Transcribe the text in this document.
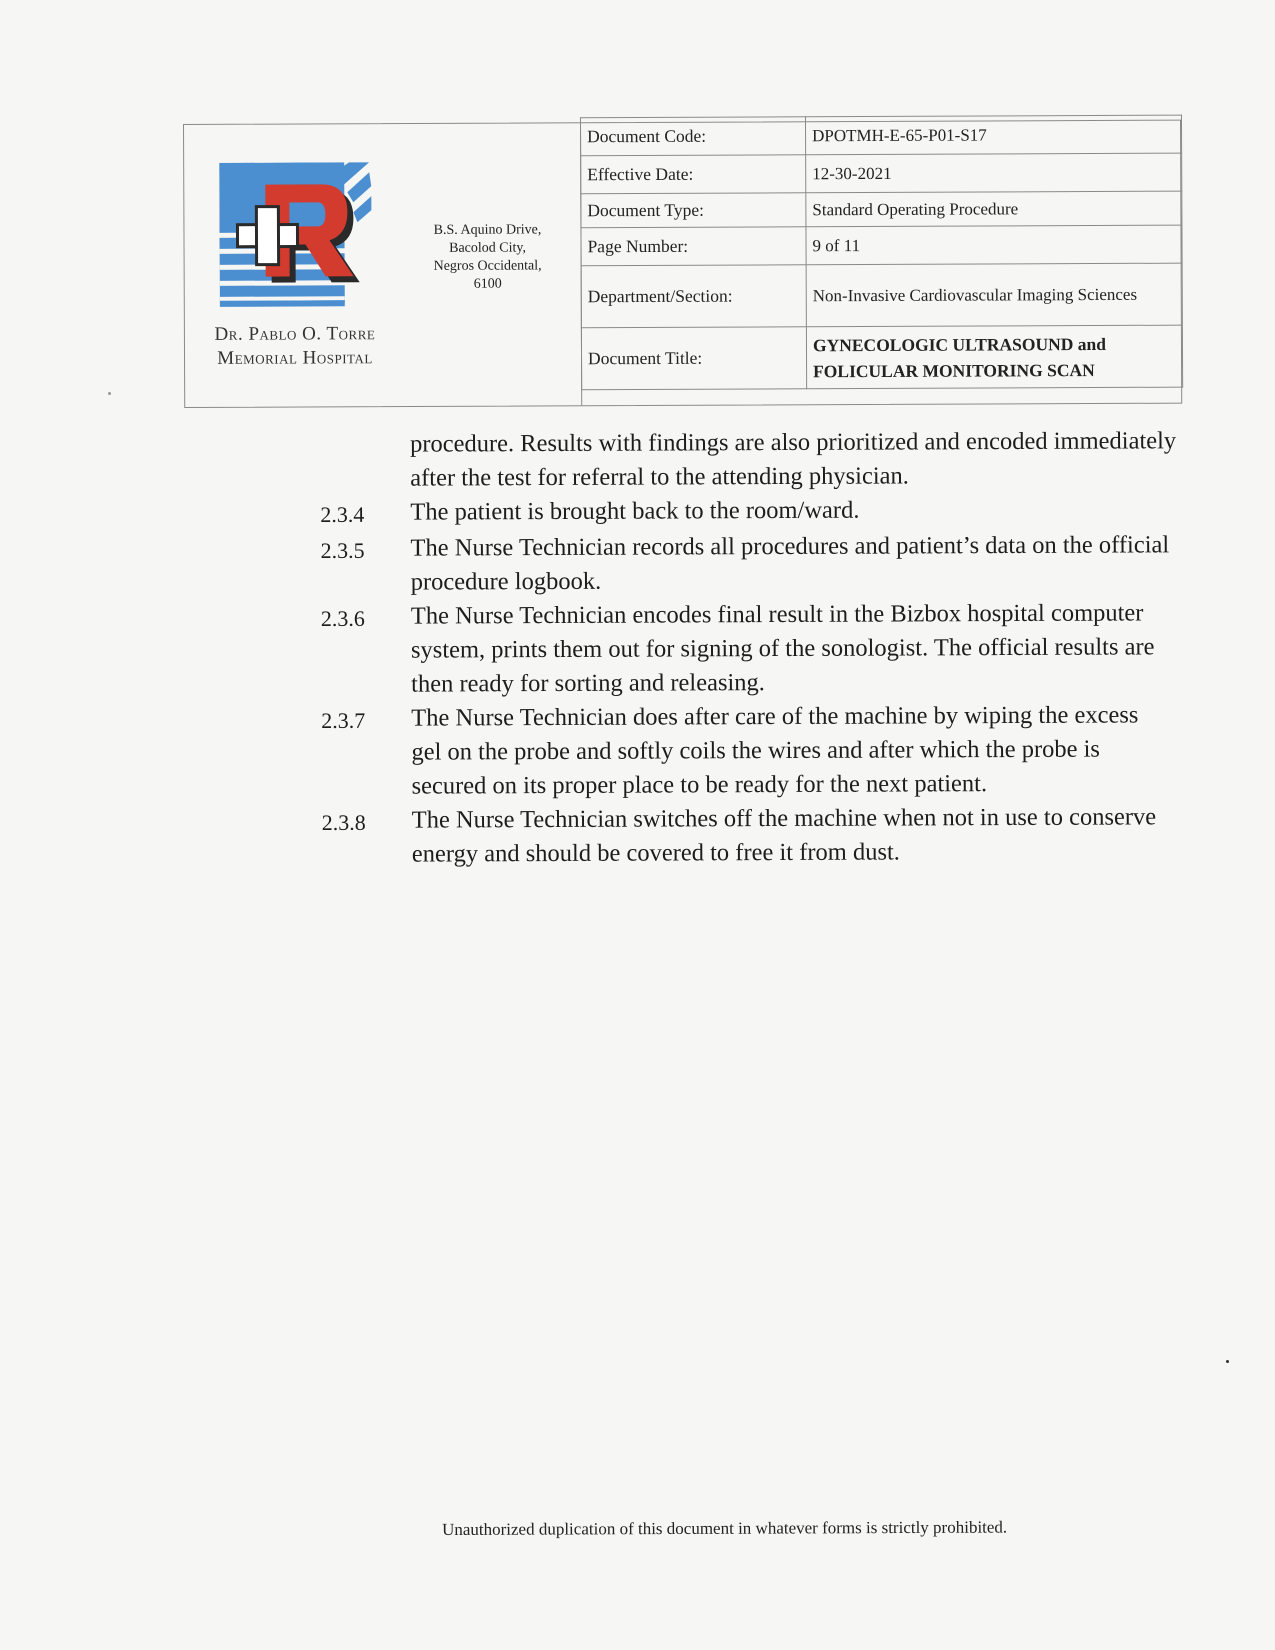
Dr. Pablo O. Torre
Memorial Hospital
B.S. Aquino Drive,
Bacolod City,
Negros Occidental,
6100
Document Code:	DPOTMH-E-65-P01-S17
Effective Date:	12-30-2021
Document Type:	Standard Operating Procedure
Page Number:	9 of 11
Department/Section:	Non-Invasive Cardiovascular Imaging Sciences
Document Title:	GYNECOLOGIC ULTRASOUND and FOLICULAR MONITORING SCAN
procedure. Results with findings are also prioritized and encoded immediately after the test for referral to the attending physician.
2.3.4	The patient is brought back to the room/ward.
2.3.5	The Nurse Technician records all procedures and patient’s data on the official procedure logbook.
2.3.6	The Nurse Technician encodes final result in the Bizbox hospital computer system, prints them out for signing of the sonologist. The official results are then ready for sorting and releasing.
2.3.7	The Nurse Technician does after care of the machine by wiping the excess gel on the probe and softly coils the wires and after which the probe is secured on its proper place to be ready for the next patient.
2.3.8	The Nurse Technician switches off the machine when not in use to conserve energy and should be covered to free it from dust.
Unauthorized duplication of this document in whatever forms is strictly prohibited.
